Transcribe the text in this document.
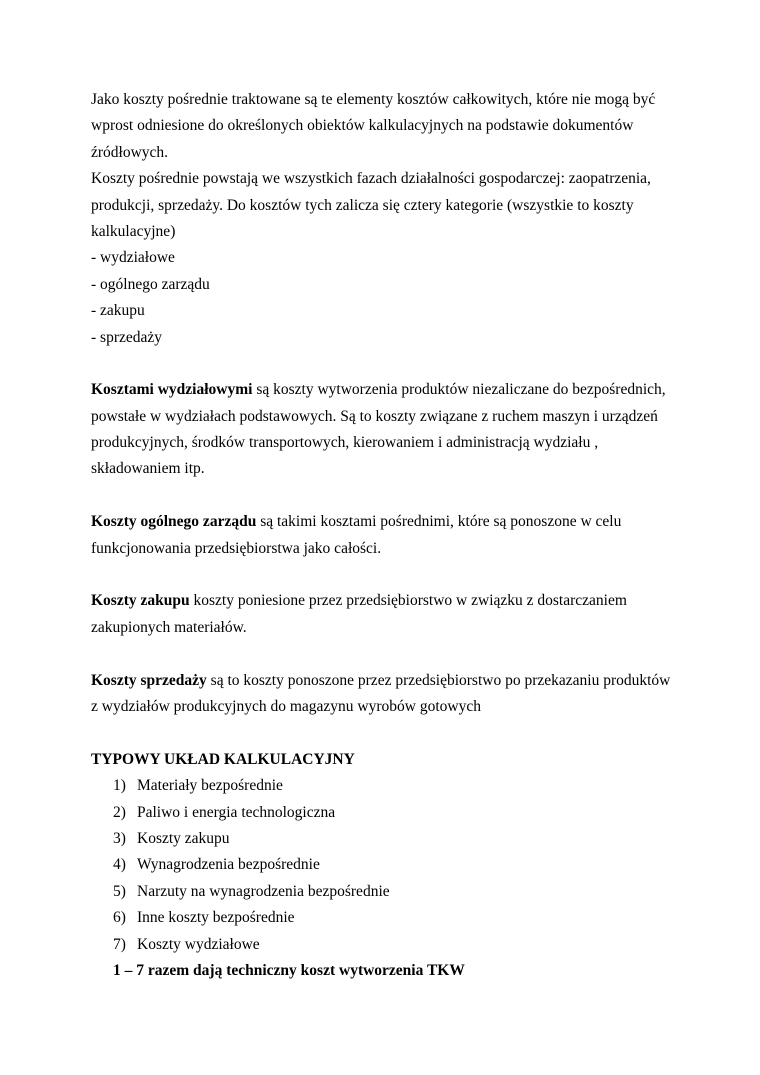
Jako koszty pośrednie traktowane są te elementy kosztów całkowitych, które nie mogą być
wprost odniesione do określonych obiektów kalkulacyjnych na podstawie dokumentów
źródłowych.
Koszty pośrednie powstają we wszystkich fazach działalności gospodarczej: zaopatrzenia,
produkcji, sprzedaży. Do kosztów tych zalicza się cztery kategorie (wszystkie to koszty
kalkulacyjne)
- wydziałowe
- ogólnego zarządu
- zakupu
- sprzedaży
Kosztami wydziałowymi są koszty wytworzenia produktów niezaliczane do bezpośrednich,
powstałe w wydziałach podstawowych. Są to koszty związane z ruchem maszyn i urządzeń
produkcyjnych, środków transportowych, kierowaniem i administracją wydziału ,
składowaniem itp.
Koszty ogólnego zarządu są takimi kosztami pośrednimi, które są ponoszone w celu
funkcjonowania przedsiębiorstwa jako całości.
Koszty zakupu koszty poniesione przez przedsiębiorstwo w związku z dostarczaniem
zakupionych materiałów.
Koszty sprzedaży są to koszty ponoszone przez przedsiębiorstwo po przekazaniu produktów
z wydziałów produkcyjnych do magazynu wyrobów gotowych
TYPOWY UKŁAD KALKULACYJNY
1) Materiały bezpośrednie
2) Paliwo i energia technologiczna
3) Koszty zakupu
4) Wynagrodzenia bezpośrednie
5) Narzuty na wynagrodzenia bezpośrednie
6) Inne koszty bezpośrednie
7) Koszty wydziałowe
1 – 7 razem dają techniczny koszt wytworzenia TKW
